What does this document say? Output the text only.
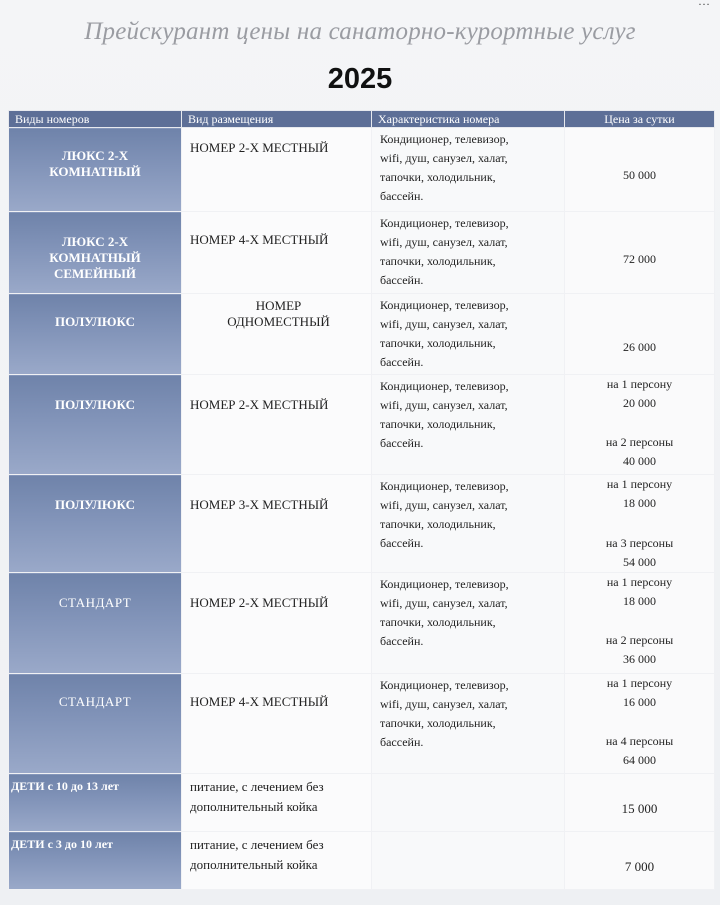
…
Прейскурант цены на санаторно-курортные услуг
2025
Виды номеров	Вид размещения	Характеристика номера	Цена за сутки

ЛЮКС 2-Х
КОМНАТНЫЙ	НОМЕР 2-Х МЕСТНЫЙ	Кондиционер, телевизор,
wifi, душ, санузел, халат,
тапочки, холодильник,
бассейн.	50 000

ЛЮКС 2-Х
КОМНАТНЫЙ
СЕМЕЙНЫЙ	НОМЕР 4-Х МЕСТНЫЙ	Кондиционер, телевизор,
wifi, душ, санузел, халат,
тапочки, холодильник,
бассейн.	72 000

ПОЛУЛЮКС	НОМЕР
ОДНОМЕСТНЫЙ	Кондиционер, телевизор,
wifi, душ, санузел, халат,
тапочки, холодильник,
бассейн.	26 000

ПОЛУЛЮКС	НОМЕР 2-Х МЕСТНЫЙ	Кондиционер, телевизор,
wifi, душ, санузел, халат,
тапочки, холодильник,
бассейн.	на 1 персону
20 000
на 2 персоны
40 000

ПОЛУЛЮКС	НОМЕР 3-Х МЕСТНЫЙ	Кондиционер, телевизор,
wifi, душ, санузел, халат,
тапочки, холодильник,
бассейн.	на 1 персону
18 000
на 3 персоны
54 000

СТАНДАРТ	НОМЕР 2-Х МЕСТНЫЙ	Кондиционер, телевизор,
wifi, душ, санузел, халат,
тапочки, холодильник,
бассейн.	на 1 персону
18 000
на 2 персоны
36 000

СТАНДАРТ	НОМЕР 4-Х МЕСТНЫЙ	Кондиционер, телевизор,
wifi, душ, санузел, халат,
тапочки, холодильник,
бассейн.	на 1 персону
16 000
на 4 персоны
64 000

ДЕТИ с 10 до 13 лет	питание, с лечением без
дополнительный койка		15 000

ДЕТИ с 3 до 10 лет	питание, с лечением без
дополнительный койка		7 000
